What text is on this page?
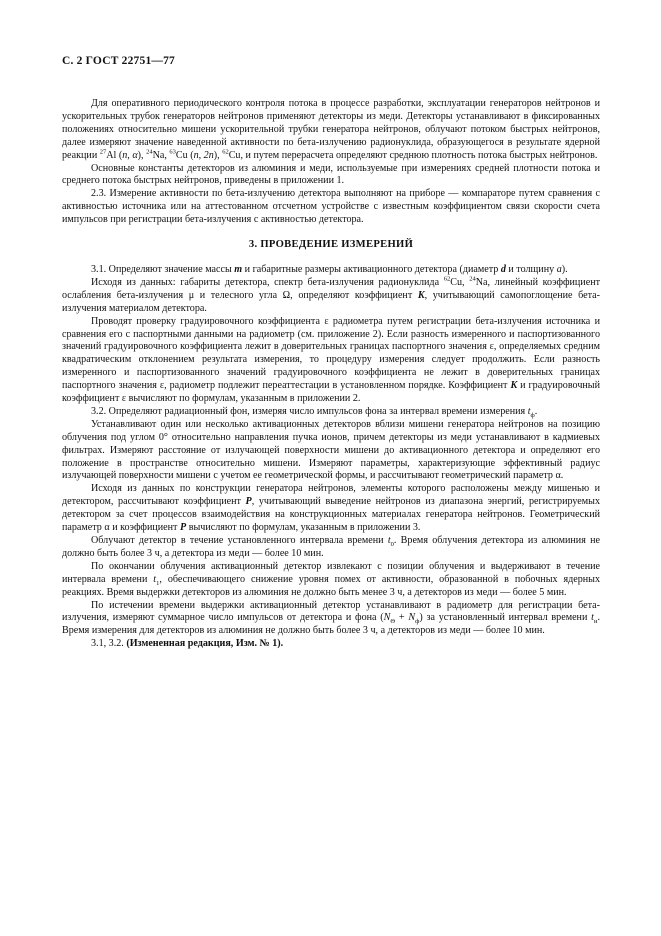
С. 2 ГОСТ 22751—77

Для оперативного периодического контроля потока в процессе разработки, эксплуатации генераторов нейтронов и ускорительных трубок генераторов нейтронов применяют детекторы из меди. Детекторы устанавливают в фиксированных положениях относительно мишени ускорительной трубки генератора нейтронов, облучают потоком быстрых нейтронов, далее измеряют значение наведенной активности по бета-излучению радионуклида, образующегося в результате ядерной реакции $^{27}$Al (n, α), $^{24}$Na, $^{63}$Cu (n, 2n), $^{62}$Cu, и путем перерасчета определяют среднюю плотность потока быстрых нейтронов.

Основные константы детекторов из алюминия и меди, используемые при измерениях средней плотности потока и среднего потока быстрых нейтронов, приведены в приложении 1.

2.3. Измерение активности по бета-излучению детектора выполняют на приборе — компараторе путем сравнения с активностью источника или на аттестованном отсчетном устройстве с известным коэффициентом связи скорости счета импульсов при регистрации бета-излучения с активностью детектора.

3. ПРОВЕДЕНИЕ ИЗМЕРЕНИЙ

3.1. Определяют значение массы m и габаритные размеры активационного детектора (диаметр d и толщину a).

Исходя из данных: габариты детектора, спектр бета-излучения радионуклида $^{62}$Cu, $^{24}$Na, линейный коэффициент ослабления бета-излучения μ и телесного угла Ω, определяют коэффициент K, учитывающий самопоглощение бета-излучения материалом детектора.

Проводят проверку градуировочного коэффициента ε радиометра путем регистрации бета-излучения источника и сравнения его с паспортными данными на радиометр (см. приложение 2). Если разность измеренного и паспортизованного значений градуировочного коэффициента лежит в доверительных границах паспортного значения ε, определяемых средним квадратическим отклонением результата измерения, то процедуру измерения следует продолжить. Если разность измеренного и паспортизованного значений градуировочного коэффициента не лежит в доверительных границах паспортного значения ε, радиометр подлежит переаттестации в установленном порядке. Коэффициент K и градуировочный коэффициент ε вычисляют по формулам, указанным в приложении 2.

3.2. Определяют радиационный фон, измеряя число импульсов фона за интервал времени измерения $t_ф$.

Устанавливают один или несколько активационных детекторов вблизи мишени генератора нейтронов на позицию облучения под углом 0° относительно направления пучка ионов, причем детекторы из меди устанавливают в кадмиевых фильтрах. Измеряют расстояние от излучающей поверхности мишени до активационного детектора и определяют его положение в пространстве относительно мишени. Измеряют параметры, характеризующие эффективный радиус излучающей поверхности мишени с учетом ее геометрической формы, и рассчитывают геометрический параметр α.

Исходя из данных по конструкции генератора нейтронов, элементы которого расположены между мишенью и детектором, рассчитывают коэффициент P, учитывающий выведение нейтронов из диапазона энергий, регистрируемых детектором за счет процессов взаимодействия на конструкционных материалах генератора нейтронов. Геометрический параметр α и коэффициент P вычисляют по формулам, указанным в приложении 3.

Облучают детектор в течение установленного интервала времени $t_0$. Время облучения детектора из алюминия не должно быть более 3 ч, а детектора из меди — более 10 мин.

По окончании облучения активационный детектор извлекают с позиции облучения и выдерживают в течение интервала времени $t_1$, обеспечивающего снижение уровня помех от активности, образованной в побочных ядерных реакциях. Время выдержки детекторов из алюминия не должно быть менее 3 ч, а детекторов из меди — более 5 мин.

По истечении времени выдержки активационный детектор устанавливают в радиометр для регистрации бета-излучения, измеряют суммарное число импульсов от детектора и фона $(N_\Theta + N_ф)$ за установленный интервал времени $t_и$. Время измерения для детекторов из алюминия не должно быть более 3 ч, а детекторов из меди — более 10 мин.

3.1, 3.2. (Измененная редакция, Изм. № 1).
